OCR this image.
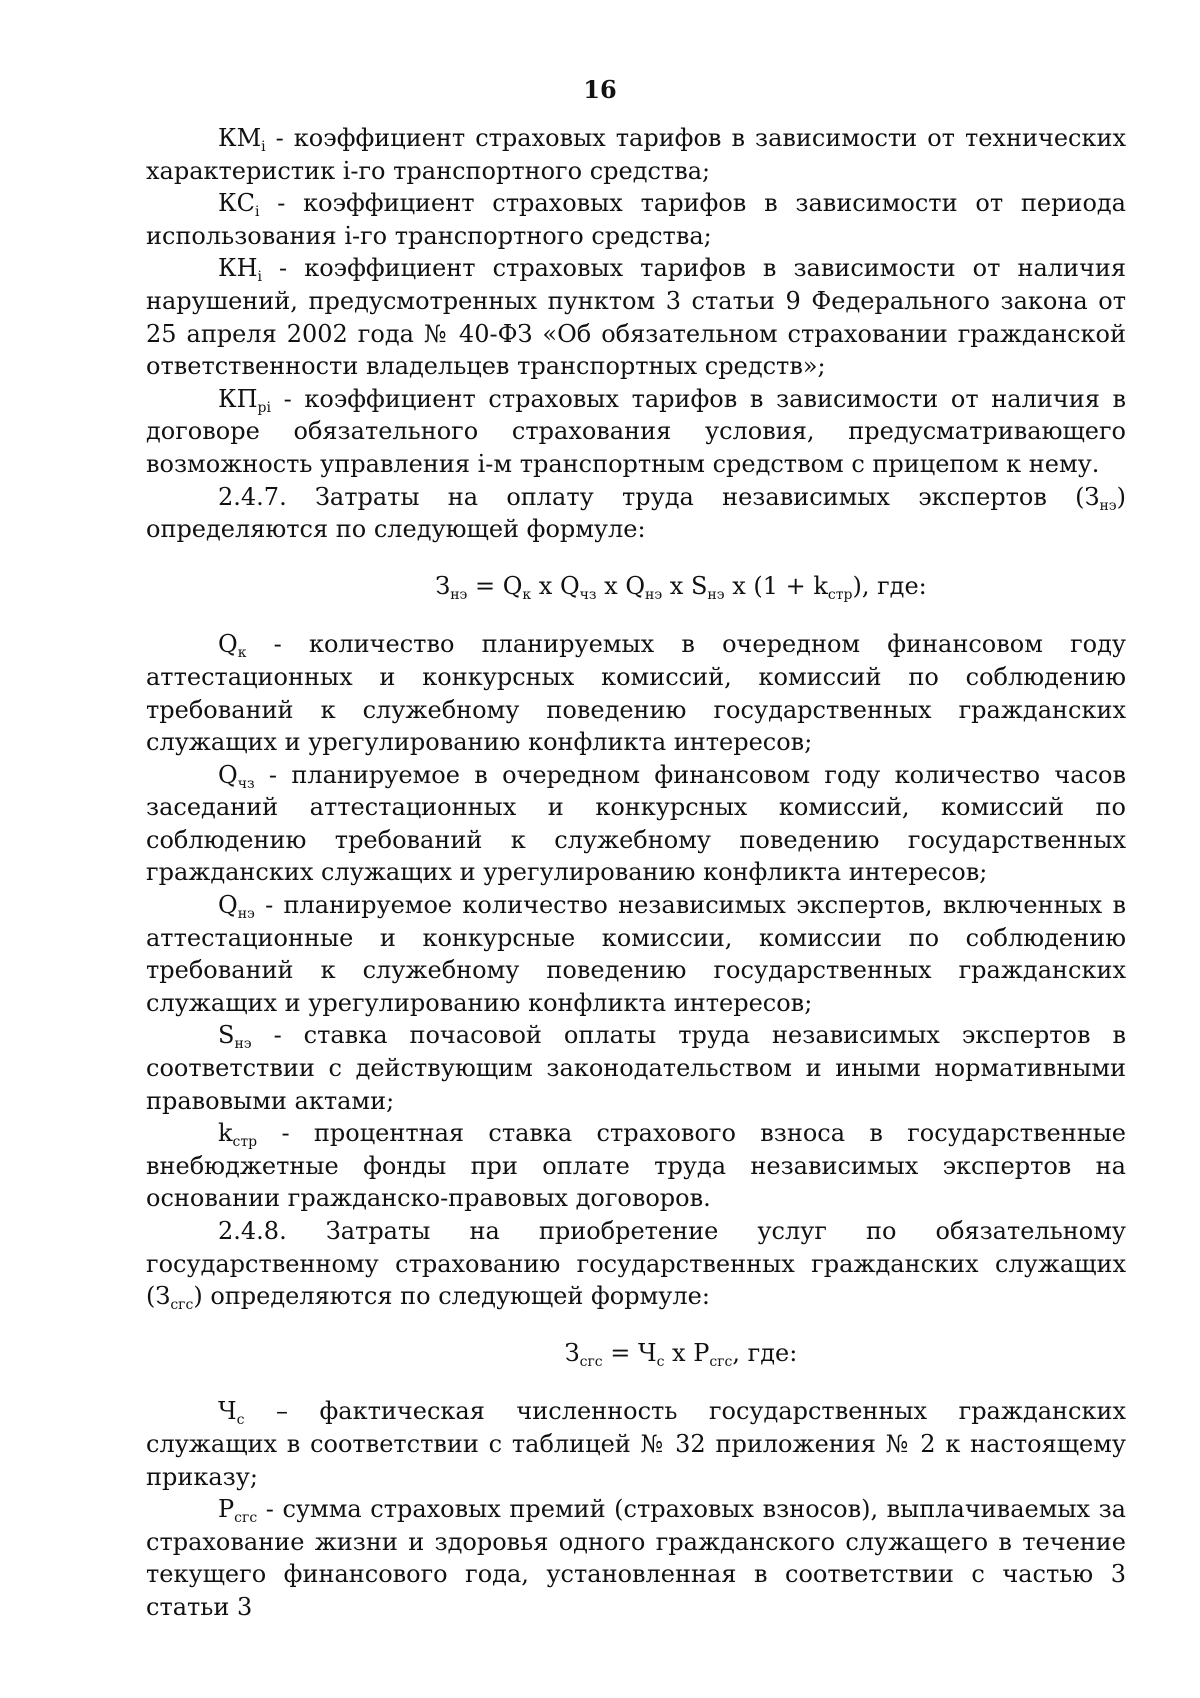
16

$КМ_i$ - коэффициент страховых тарифов в зависимости от технических характеристик i-го транспортного средства;

$КС_i$ - коэффициент страховых тарифов в зависимости от периода использования i-го транспортного средства;

$КН_i$ - коэффициент страховых тарифов в зависимости от наличия нарушений, предусмотренных пунктом 3 статьи 9 Федерального закона от 25 апреля 2002 года № 40-ФЗ «Об обязательном страховании гражданской ответственности владельцев транспортных средств»;

$КП_{pi}$ - коэффициент страховых тарифов в зависимости от наличия в договоре обязательного страхования условия, предусматривающего возможность управления i-м транспортным средством с прицепом к нему.

2.4.7. Затраты на оплату труда независимых экспертов $(З_{нэ})$ определяются по следующей формуле:

$З_{нэ} = Q_к$ x $Q_{чз}$ x $Q_{нэ}$ x $S_{нэ}$ x $(1 + k_{стр})$, где:

$Q_к$ - количество планируемых в очередном финансовом году аттестационных и конкурсных комиссий, комиссий по соблюдению требований к служебному поведению государственных гражданских служащих и урегулированию конфликта интересов;

$Q_{чз}$ - планируемое в очередном финансовом году количество часов заседаний аттестационных и конкурсных комиссий, комиссий по соблюдению требований к служебному поведению государственных гражданских служащих и урегулированию конфликта интересов;

$Q_{нэ}$ - планируемое количество независимых экспертов, включенных в аттестационные и конкурсные комиссии, комиссии по соблюдению требований к служебному поведению государственных гражданских служащих и урегулированию конфликта интересов;

$S_{нэ}$ - ставка почасовой оплаты труда независимых экспертов в соответствии с действующим законодательством и иными нормативными правовыми актами;

$k_{стр}$ - процентная ставка страхового взноса в государственные внебюджетные фонды при оплате труда независимых экспертов на основании гражданско-правовых договоров.

2.4.8. Затраты на приобретение услуг по обязательному государственному страхованию государственных гражданских служащих $(З_{сгс})$ определяются по следующей формуле:

$З_{сгс} = Ч_с$ x $P_{сгс}$, где:

$Ч_с$ – фактическая численность государственных гражданских служащих в соответствии с таблицей № 32 приложения № 2 к настоящему приказу;

$P_{сгс}$ - сумма страховых премий (страховых взносов), выплачиваемых за страхование жизни и здоровья одного гражданского служащего в течение текущего финансового года, установленная в соответствии с частью 3 статьи 3
